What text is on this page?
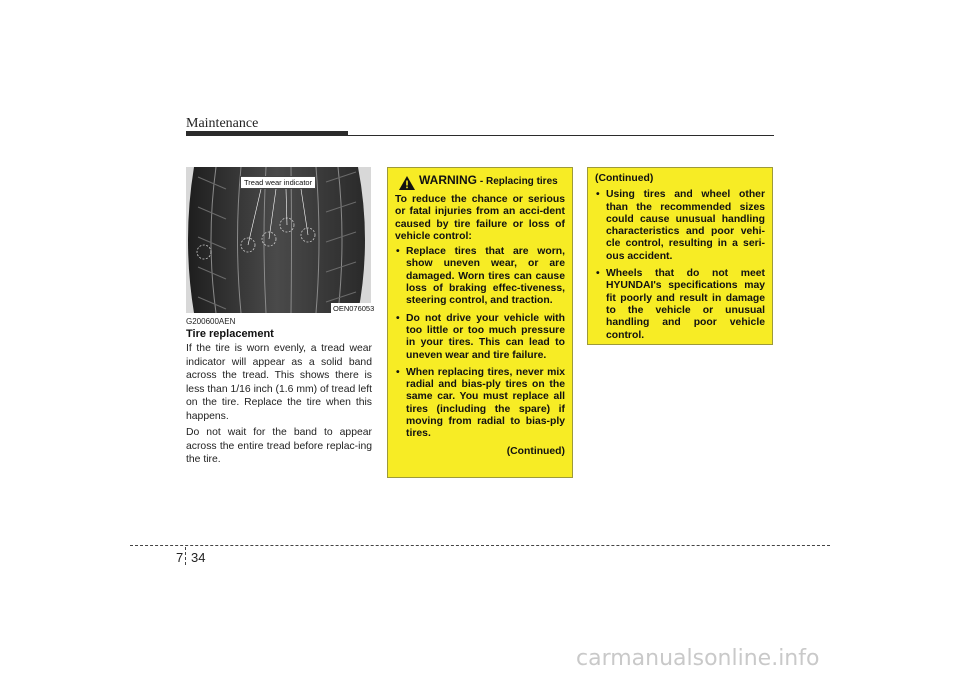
Maintenance
Tread wear indicator
OEN076053
G200600AEN
Tire replacement

If the tire is worn evenly, a tread wear indicator will appear as a solid band across the tread. This shows there is less than 1/16 inch (1.6 mm) of tread left on the tire. Replace the tire when this happens.

Do not wait for the band to appear across the entire tread before replac-ing the tire.

WARNING - Replacing tires
To reduce the chance or serious or fatal injuries from an acci-dent caused by tire failure or loss of vehicle control:
• Replace tires that are worn, show uneven wear, or are damaged. Worn tires can cause loss of braking effec-tiveness, steering control, and traction.
• Do not drive your vehicle with too little or too much pressure in your tires. This can lead to uneven wear and tire failure.
• When replacing tires, never mix radial and bias-ply tires on the same car. You must replace all tires (including the spare) if moving from radial to bias-ply tires.
(Continued)
(Continued)
• Using tires and wheel other than the recommended sizes could cause unusual handling characteristics and poor vehi-cle control, resulting in a seri-ous accident.
• Wheels that do not meet HYUNDAI's specifications may fit poorly and result in damage to the vehicle or unusual handling and poor vehicle control.
7 34
carmanualsonline.info
